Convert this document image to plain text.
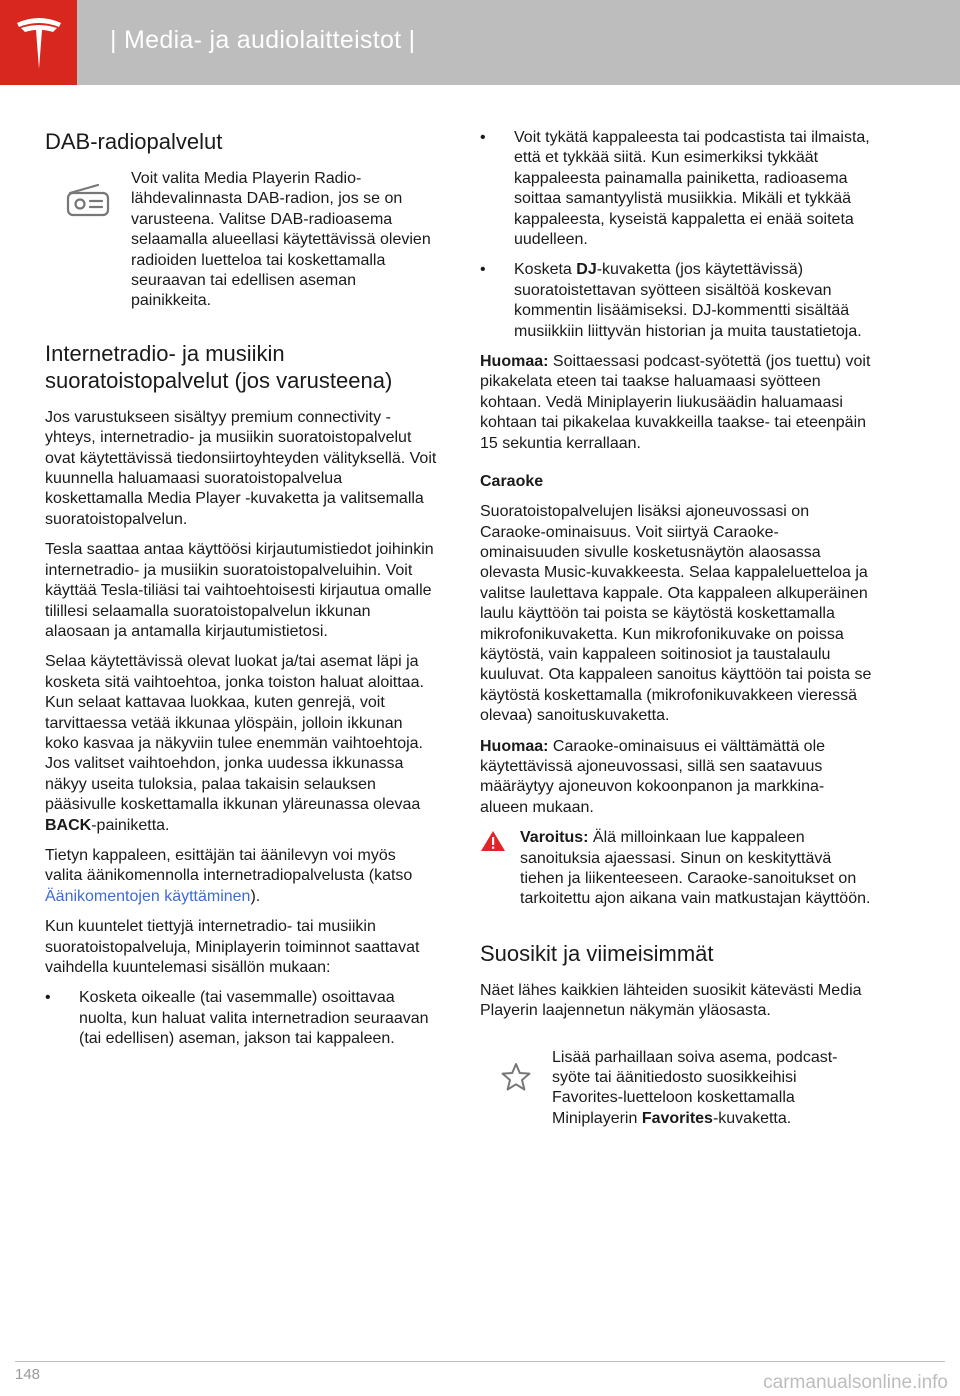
| Media- ja audiolaitteistot |
DAB-radiopalvelut
Voit valita Media Playerin Radio-lähdevalinnasta DAB-radion, jos se on varusteena. Valitse DAB-radioasema selaamalla alueellasi käytettävissä olevien radioiden luetteloa tai koskettamalla seuraavan tai edellisen aseman painikkeita.
Internetradio- ja musiikin suoratoistopalvelut (jos varusteena)

Jos varustukseen sisältyy premium connectivity -yhteys, internetradio- ja musiikin suoratoistopalvelut ovat käytettävissä tiedonsiirtoyhteyden välityksellä. Voit kuunnella haluamaasi suoratoistopalvelua koskettamalla Media Player -kuvaketta ja valitsemalla suoratoistopalvelun.

Tesla saattaa antaa käyttöösi kirjautumistiedot joihinkin internetradio- ja musiikin suoratoistopalveluihin. Voit käyttää Tesla-tiliäsi tai vaihtoehtoisesti kirjautua omalle tilillesi selaamalla suoratoistopalvelun ikkunan alaosaan ja antamalla kirjautumistietosi.

Selaa käytettävissä olevat luokat ja/tai asemat läpi ja kosketa sitä vaihtoehtoa, jonka toiston haluat aloittaa. Kun selaat kattavaa luokkaa, kuten genrejä, voit tarvittaessa vetää ikkunaa ylöspäin, jolloin ikkunan koko kasvaa ja näkyviin tulee enemmän vaihtoehtoja. Jos valitset vaihtoehdon, jonka uudessa ikkunassa näkyy useita tuloksia, palaa takaisin selauksen pääsivulle koskettamalla ikkunan yläreunassa olevaa BACK-painiketta.

Tietyn kappaleen, esittäjän tai äänilevyn voi myös valita äänikomennolla internetradiopalvelusta (katso Äänikomentojen käyttäminen).

Kun kuuntelet tiettyjä internetradio- tai musiikin suoratoistopalveluja, Miniplayerin toiminnot saattavat vaihdella kuuntelemasi sisällön mukaan:

• Kosketa oikealle (tai vasemmalle) osoittavaa nuolta, kun haluat valita internetradion seuraavan (tai edellisen) aseman, jakson tai kappaleen.
• Voit tykätä kappaleesta tai podcastista tai ilmaista, että et tykkää siitä. Kun esimerkiksi tykkäät kappaleesta painamalla painiketta, radioasema soittaa samantyylistä musiikkia. Mikäli et tykkää kappaleesta, kyseistä kappaletta ei enää soiteta uudelleen.
• Kosketa DJ-kuvaketta (jos käytettävissä) suoratoistettavan syötteen sisältöä koskevan kommentin lisäämiseksi. DJ-kommentti sisältää musiikkiin liittyvän historian ja muita taustatietoja.

Huomaa: Soittaessasi podcast-syötettä (jos tuettu) voit pikakelata eteen tai taakse haluamaasi syötteen kohtaan. Vedä Miniplayerin liukusäädin haluamaasi kohtaan tai pikakelaa kuvakkeilla taakse- tai eteenpäin 15 sekuntia kerrallaan.

Caraoke

Suoratoistopalvelujen lisäksi ajoneuvossasi on Caraoke-ominaisuus. Voit siirtyä Caraoke-ominaisuuden sivulle kosketusnäytön alaosassa olevasta Music-kuvakkeesta. Selaa kappaleluetteloa ja valitse laulettava kappale. Ota kappaleen alkuperäinen laulu käyttöön tai poista se käytöstä koskettamalla mikrofonikuvaketta. Kun mikrofonikuvake on poissa käytöstä, vain kappaleen soitinosiot ja taustalaulu kuuluvat. Ota kappaleen sanoitus käyttöön tai poista se käytöstä koskettamalla (mikrofonikuvakkeen vieressä olevaa) sanoituskuvaketta.

Huomaa: Caraoke-ominaisuus ei välttämättä ole käytettävissä ajoneuvossasi, sillä sen saatavuus määräytyy ajoneuvon kokoonpanon ja markkina-alueen mukaan.

Varoitus: Älä milloinkaan lue kappaleen sanoituksia ajaessasi. Sinun on keskityttävä tiehen ja liikenteeseen. Caraoke-sanoitukset on tarkoitettu ajon aikana vain matkustajan käyttöön.
Suosikit ja viimeisimmät

Näet lähes kaikkien lähteiden suosikit kätevästi Media Playerin laajennetun näkymän yläosasta.

Lisää parhaillaan soiva asema, podcast-syöte tai äänitiedosto suosikkeihisi Favorites-luetteloon koskettamalla Miniplayerin Favorites-kuvaketta.
148	carmanualsonline.info
